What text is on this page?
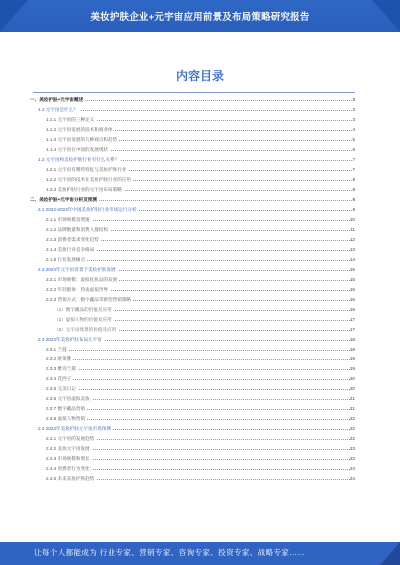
美妆护肤企业+元宇宙应用前景及布局策略研究报告
内容目录
一、美妆护肤+元宇宙概述	3
1.1 元宇宙是什么？	3
1.1.1 元宇宙的三种定义	3
1.1.2 元宇宙发展的技术和商业体	4
1.1.3 元宇宙发展的几种观点和趋势	5
1.1.4 元宇宙在中国的发展现状	6
1.2 元宇宙和美妆护肤行业有什么关系？	7
1.2.1 元宇宙有哪些特征与美妆护肤行业	7
1.2.2 元宇宙的技术在美妆护肤行业的应用	8
1.2.3 美妆护肤行业的元宇宙布局策略	8
二、美妆护肤+元宇宙分析及预测	9
2.1 2022-2023年中国美妆护肤行业市场运行分析	9
2.1.1 市场规模及增速	10
2.1.2 品牌数量和消费人群结构	11
2.1.3 消费者需求变化趋势	12
2.1.4 美妆行业竞争格局	13
2.1.5 行业发展痛点	14
2.2 2023年元宇宙背景下美妆护肤发展	15
2.2.1 市场规模：虚拟化妆品的发展	15
2.2.2 年轻群体：热衷虚拟世界	16
2.2.3 营销方式：数字藏品等新型营销策略	16
（1）数字藏品的价值及应用	16
（2）虚拟人物的价值及应用	17
（3）元宇宙场景的价值及应用	17
2.3 2023年美妆护肤布局元宇宙	18
2.3.1 兰蔻	18
2.3.2 欧莱雅	19
2.3.3 雅诗兰黛	19
2.3.4 花西子	20
2.3.5 完美日记	20
2.3.6 元宇宙虚拟美妆	21
2.3.7 数字藏品营销	21
2.3.8 虚拟人物营销	22
2.4 2023年美妆护肤元宇宙市场预测	22
2.4.1 元宇宙的发展趋势	22
2.4.2 美妆元宇宙发展	23
2.4.3 市场规模和增长	23
2.4.4 消费者行为变化	24
2.4.5 未来美妆护肤趋势	24
让每个人都能成为 行业专家、营销专家、咨询专家、投资专家、战略专家……
